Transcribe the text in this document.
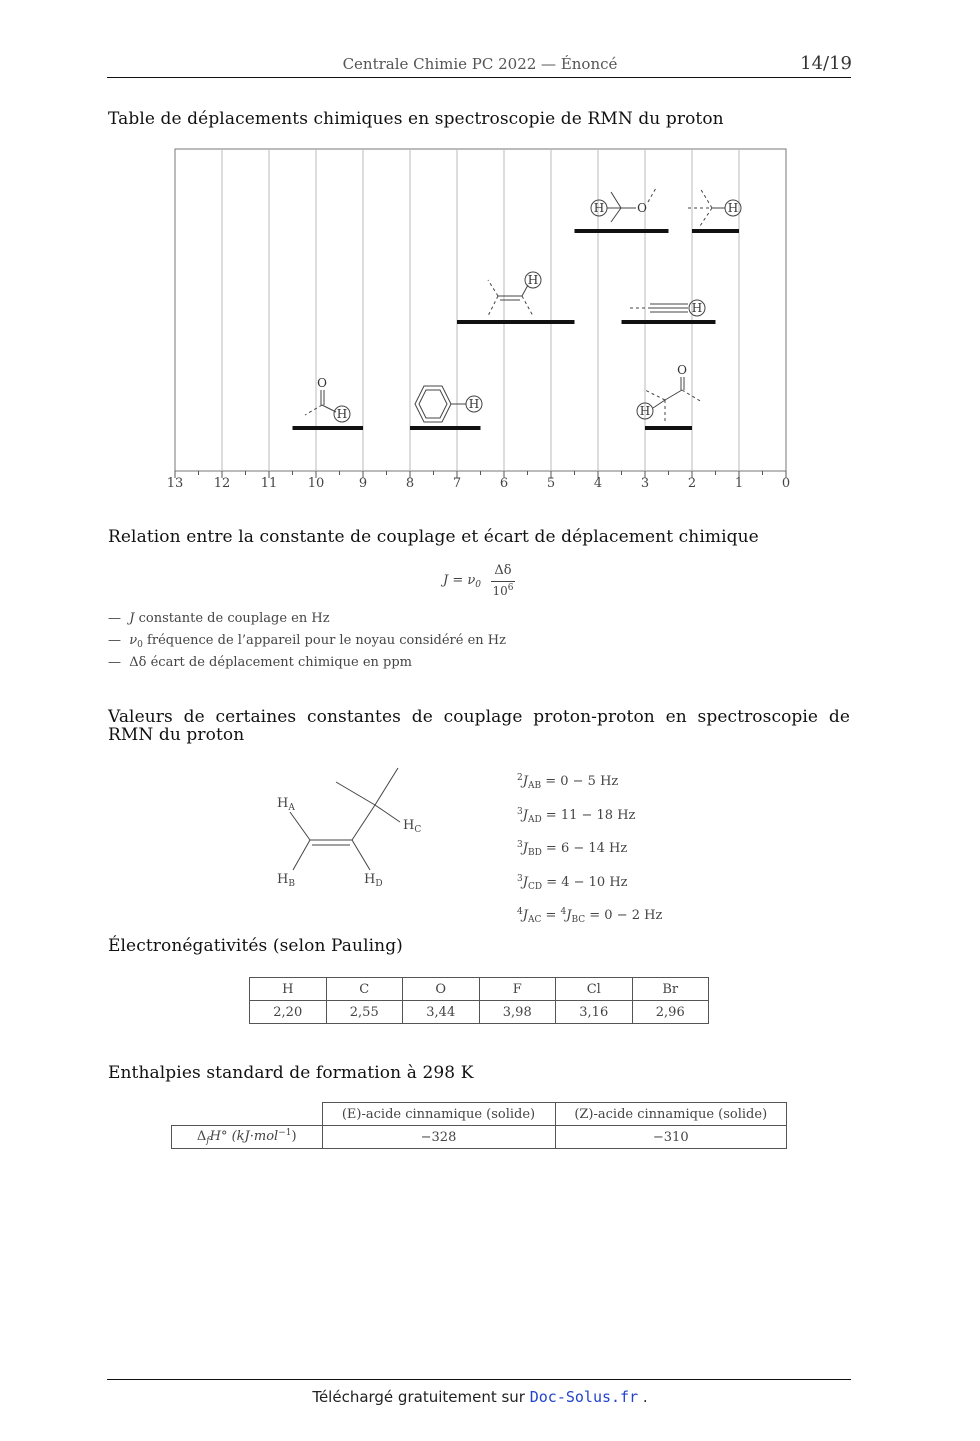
Centrale Chimie PC 2022 — Énoncé	14/19
Table de déplacements chimiques en spectroscopie de RMN du proton
13 12 11 10	9	8	7	6	5	4	3	2	1	0
H	O	H
H
H
O
H
H	H
O
Relation entre la constante de couplage et écart de déplacement chimique
$J = \nu_0$
Δδ
$10^6$
— J constante de couplage en Hz
— $\nu_0$ fréquence de l’appareil pour le noyau considéré en Hz
— Δδ écart de déplacement chimique en ppm
Valeurs de certaines constantes de couplage proton-proton en spectroscopie de
RMN du proton
$H_A$
$H_C$
$H_B$	$H_D$
$^2J_{AB} = 0 - 5$ Hz
$^3J_{AD} = 11 - 18$ Hz
$^3J_{BD} = 6 - 14$ Hz
$^3J_{CD} = 4 - 10$ Hz
$^4J_{AC} = ^4J_{BC} = 0 - 2$ Hz
Électronégativités (selon Pauling)
H	C	O	F	Cl	Br
2,20	2,55	3,44	3,98	3,16	2,96
Enthalpies standard de formation à 298 K
	(E)-acide cinnamique (solide)	(Z)-acide cinnamique (solide)
$\Delta_fH^\circ$ (kJ·mol$^{-1}$)	−328	−310
Téléchargé gratuitement sur Doc-Solus.fr .
